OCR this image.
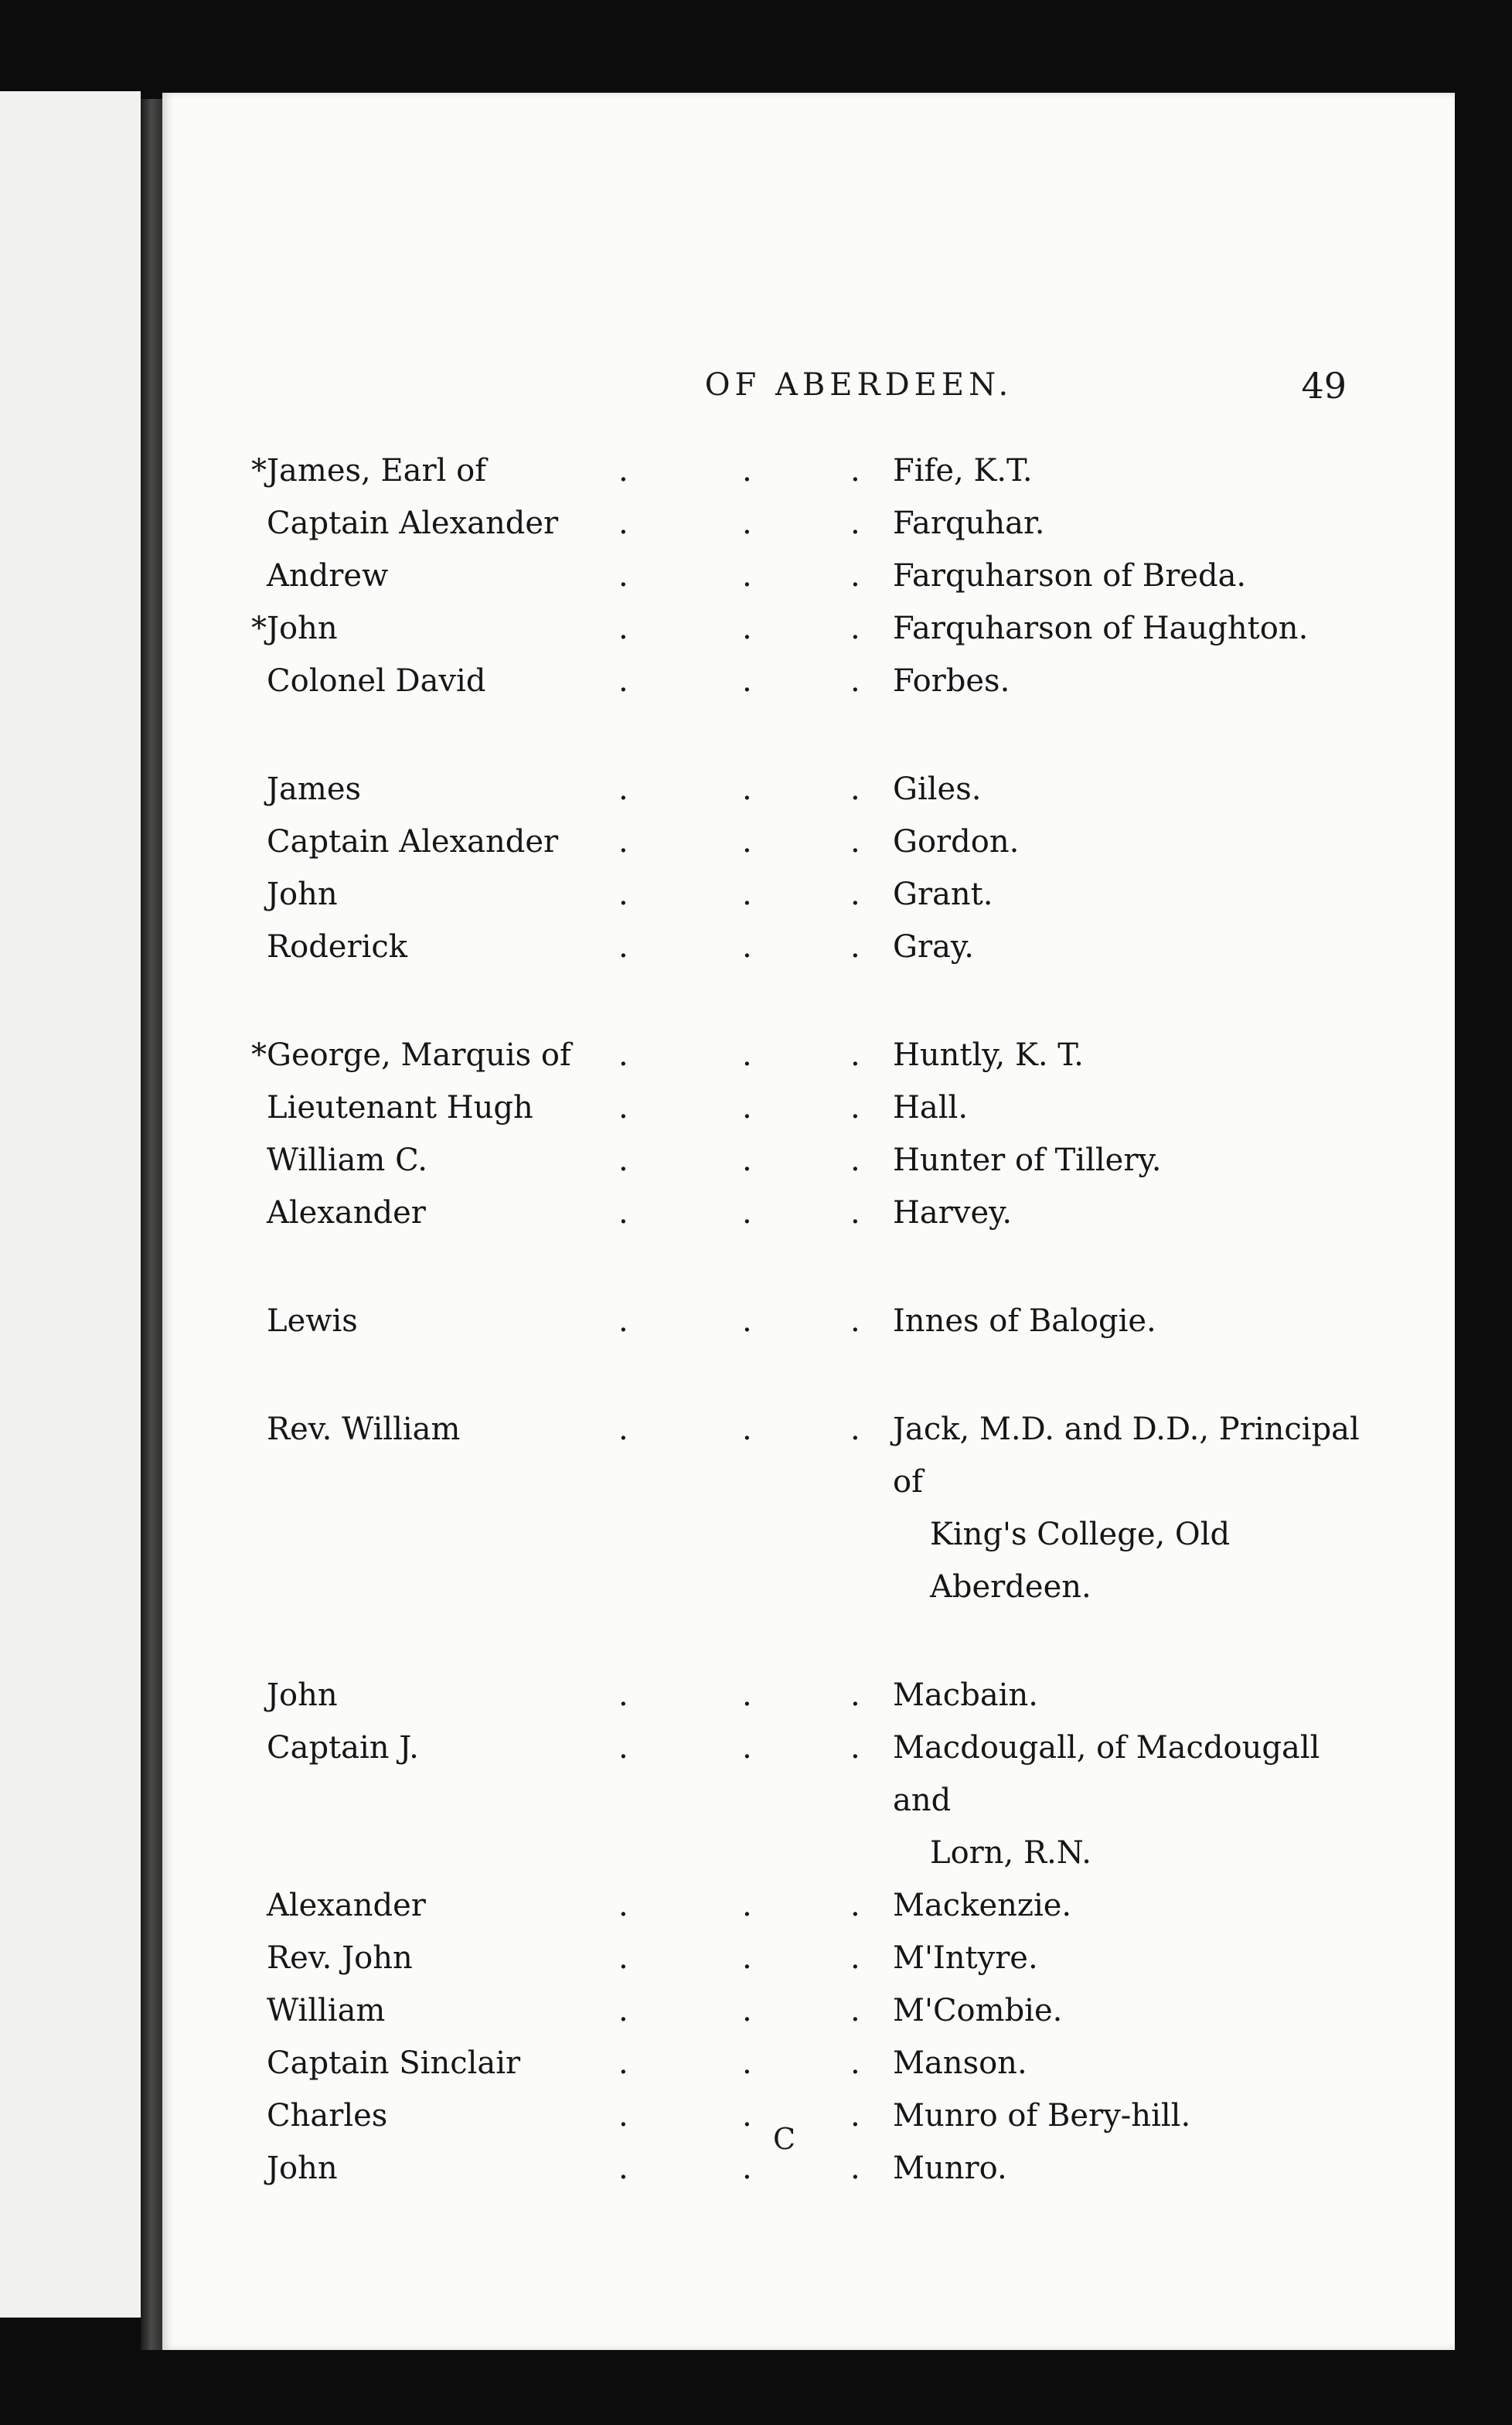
OF ABERDEEN.	49
* James, Earl of	.	.	. Fife, K.T.
Captain Alexander .	.	. Farquhar.
Andrew	.	.	. Farquharson of Breda.
* John	.	.	. Farquharson of Haughton.
Colonel David	.	.	. Forbes.
James	.	.	. Giles.
Captain Alexander .	.	. Gordon.
John	.	.	. Grant.
Roderick	.	.	. Gray.
* George, Marquis of .	.	. Huntly, K. T.
Lieutenant Hugh	.	.	. Hall.
William C.	.	.	. Hunter of Tillery.
Alexander	.	.	. Harvey.
Lewis	.	.	. Innes of Balogie.
Rev. William	.	.	. Jack, M.D. and D.D., Principal of
King's College, Old Aberdeen.
John	.	.	. Macbain.
Captain J.	.	.	. Macdougall, of Macdougall and
Lorn, R.N.
Alexander	.	.	. Mackenzie.
Rev. John	.	.	. M'Intyre.
William	.	.	. M'Combie.
Captain Sinclair	.	.	. Manson.
Charles	.	.	. Munro of Bery-hill.
John	.	.	. Munro.
C
